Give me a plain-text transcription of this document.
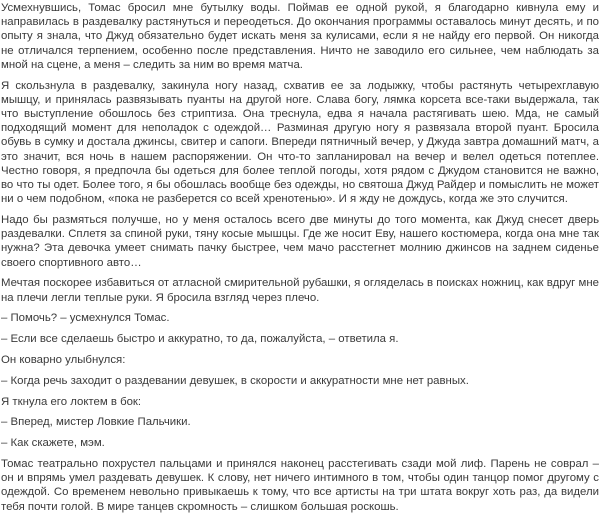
Усмехнувшись, Томас бросил мне бутылку воды. Поймав ее одной рукой, я благодарно кивнула ему и направилась в раздевалку растянуться и переодеться. До окончания программы оставалось минут десять, и по опыту я знала, что Джуд обязательно будет искать меня за кулисами, если я не найду его первой. Он никогда не отличался терпением, особенно после представления. Ничто не заводило его сильнее, чем наблюдать за мной на сцене, а меня – следить за ним во время матча.

Я скользнула в раздевалку, закинула ногу назад, схватив ее за лодыжку, чтобы растянуть четырехглавую мышцу, и принялась развязывать пуанты на другой ноге. Слава богу, лямка корсета все-таки выдержала, так что выступление обошлось без стриптиза. Она треснула, едва я начала растягивать шею. Мда, не самый подходящий момент для неполадок с одеждой… Разминая другую ногу я развязала второй пуант. Бросила обувь в сумку и достала джинсы, свитер и сапоги. Впереди пятничный вечер, у Джуда завтра домашний матч, а это значит, вся ночь в нашем распоряжении. Он что-то запланировал на вечер и велел одеться потеплее. Честно говоря, я предпочла бы одеться для более теплой погоды, хотя рядом с Джудом становится не важно, во что ты одет. Более того, я бы обошлась вообще без одежды, но святоша Джуд Райдер и помыслить не может ни о чем подобном, «пока не разберется со всей хренотенью». И я жду не дождусь, когда же это случится.

Надо бы размяться получше, но у меня осталось всего две минуты до того момента, как Джуд снесет дверь раздевалки. Сплетя за спиной руки, тяну косые мышцы. Где же носит Еву, нашего костюмера, когда она мне так нужна? Эта девочка умеет снимать пачку быстрее, чем мачо расстегнет молнию джинсов на заднем сиденье своего спортивного авто…

Мечтая поскорее избавиться от атласной смирительной рубашки, я огляделась в поисках ножниц, как вдруг мне на плечи легли теплые руки. Я бросила взгляд через плечо.

– Помочь? – усмехнулся Томас.

– Если все сделаешь быстро и аккуратно, то да, пожалуйста, – ответила я.

Он коварно улыбнулся:

– Когда речь заходит о раздевании девушек, в скорости и аккуратности мне нет равных.

Я ткнула его локтем в бок:

– Вперед, мистер Ловкие Пальчики.

– Как скажете, мэм.

Томас театрально похрустел пальцами и принялся наконец расстегивать сзади мой лиф. Парень не соврал – он и впрямь умел раздевать девушек. К слову, нет ничего интимного в том, чтобы один танцор помог другому с одеждой. Со временем невольно привыкаешь к тому, что все артисты на три штата вокруг хоть раз, да видели тебя почти голой. В мире танцев скромность – слишком большая роскошь.
